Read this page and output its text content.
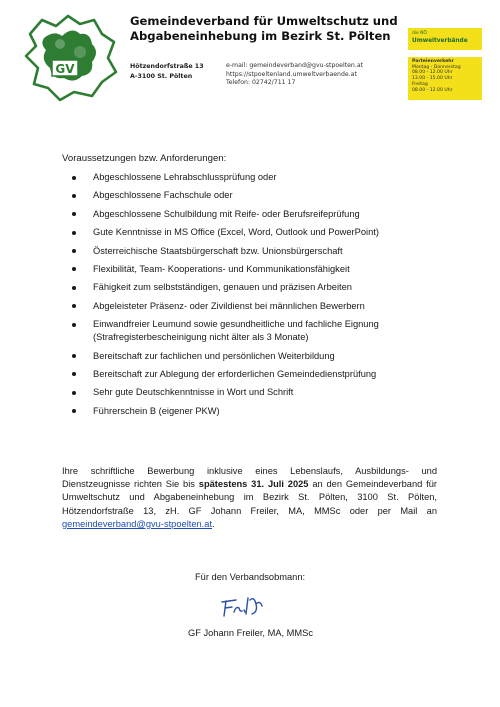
GV
Gemeindeverband für Umweltschutz und
Abgabeneinhebung im Bezirk St. Pölten
Hötzendorfstraße 13
A-3100 St. Pölten
e-mail: gemeindeverband@gvu-stpoelten.at
https://stpoeltenland.umweltverbaende.at
Telefon: 02742/711 17
die NÖ
Umweltverbände
Parteienverkehr
Montag - Donnerstag
08.00 - 12.00 Uhr
13.00 - 15.00 Uhr
Freitag
08.00 - 12.00 Uhr
Voraussetzungen bzw. Anforderungen:
Abgeschlossene Lehrabschlussprüfung oder
Abgeschlossene Fachschule oder
Abgeschlossene Schulbildung mit Reife- oder Berufsreifeprüfung
Gute Kenntnisse in MS Office (Excel, Word, Outlook und PowerPoint)
Österreichische Staatsbürgerschaft bzw. Unionsbürgerschaft
Flexibilität, Team- Kooperations- und Kommunikationsfähigkeit
Fähigkeit zum selbstständigen, genauen und präzisen Arbeiten
Abgeleisteter Präsenz- oder Zivildienst bei männlichen Bewerbern
Einwandfreier Leumund sowie gesundheitliche und fachliche Eignung
(Strafregisterbescheinigung nicht älter als 3 Monate)
Bereitschaft zur fachlichen und persönlichen Weiterbildung
Bereitschaft zur Ablegung der erforderlichen Gemeindedienstprüfung
Sehr gute Deutschkenntnisse in Wort und Schrift
Führerschein B (eigener PKW)
Ihre schriftliche Bewerbung inklusive eines Lebenslaufs, Ausbildungs- und Dienstzeugnisse richten Sie bis spätestens 31. Juli 2025 an den Gemeindeverband für Umweltschutz und Abgabeneinhebung im Bezirk St. Pölten, 3100 St. Pölten, Hötzendorfstraße 13, zH. GF Johann Freiler, MA, MMSc oder per Mail an gemeindeverband@gvu-stpoelten.at.
Für den Verbandsobmann:
GF Johann Freiler, MA, MMSc
